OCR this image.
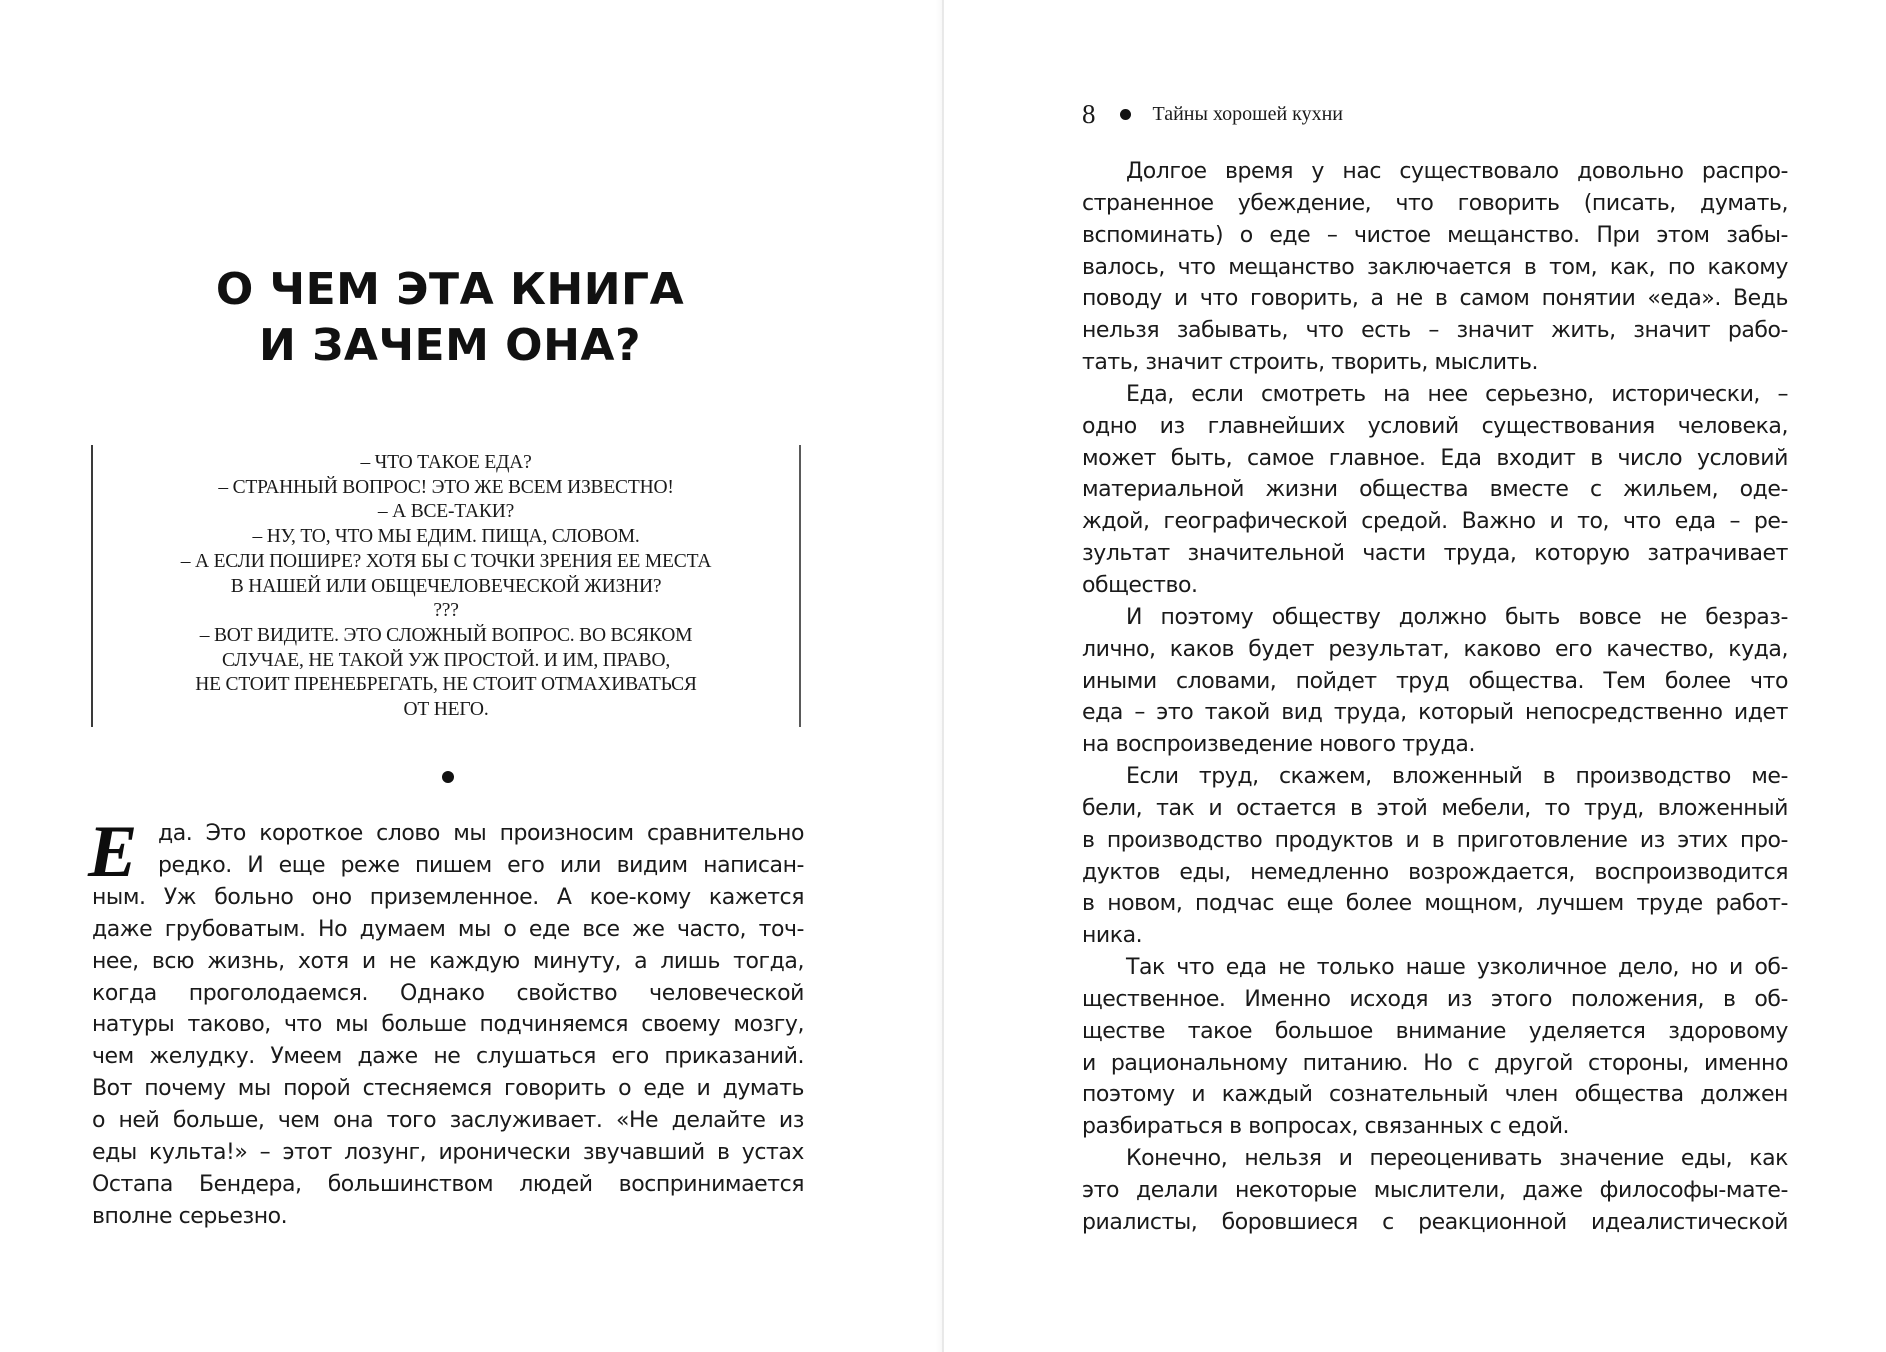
О ЧЕМ ЭТА КНИГА
И ЗАЧЕМ ОНА?
– ЧТО ТАКОЕ ЕДА?
– СТРАННЫЙ ВОПРОС! ЭТО ЖЕ ВСЕМ ИЗВЕСТНО!
– А ВСЕ-ТАКИ?
– НУ, ТО, ЧТО МЫ ЕДИМ. ПИЩА, СЛОВОМ.
– А ЕСЛИ ПОШИРЕ? ХОТЯ БЫ С ТОЧКИ ЗРЕНИЯ ЕЕ МЕСТА
В НАШЕЙ ИЛИ ОБЩЕЧЕЛОВЕЧЕСКОЙ ЖИЗНИ?
???
– ВОТ ВИДИТЕ. ЭТО СЛОЖНЫЙ ВОПРОС. ВО ВСЯКОМ
СЛУЧАЕ, НЕ ТАКОЙ УЖ ПРОСТОЙ. И ИМ, ПРАВО,
НЕ СТОИТ ПРЕНЕБРЕГАТЬ, НЕ СТОИТ ОТМАХИВАТЬСЯ
ОТ НЕГО.
Е да. Это короткое слово мы произносим сравнительно
редко. И еще реже пишем его или видим написан-
ным. Уж больно оно приземленное. А кое-кому кажется
даже грубоватым. Но думаем мы о еде все же часто, точ-
нее, всю жизнь, хотя и не каждую минуту, а лишь тогда,
когда проголодаемся. Однако свойство человеческой
натуры таково, что мы больше подчиняемся своему мозгу,
чем желудку. Умеем даже не слушаться его приказаний.
Вот почему мы порой стесняемся говорить о еде и думать
о ней больше, чем она того заслуживает. «Не делайте из
еды культа!» – этот лозунг, иронически звучавший в устах
Остапа Бендера, большинством людей воспринимается
вполне серьезно.
8	Тайны хорошей кухни
Долгое время у нас существовало довольно распро-
страненное убеждение, что говорить (писать, думать,
вспоминать) о еде – чистое мещанство. При этом забы-
валось, что мещанство заключается в том, как, по какому
поводу и что говорить, а не в самом понятии «еда». Ведь
нельзя забывать, что есть – значит жить, значит рабо-
тать, значит строить, творить, мыслить.
Еда, если смотреть на нее серьезно, исторически, –
одно из главнейших условий существования человека,
может быть, самое главное. Еда входит в число условий
материальной жизни общества вместе с жильем, оде-
ждой, географической средой. Важно и то, что еда – ре-
зультат значительной части труда, которую затрачивает
общество.
И поэтому обществу должно быть вовсе не безраз-
лично, каков будет результат, каково его качество, куда,
иными словами, пойдет труд общества. Тем более что
еда – это такой вид труда, который непосредственно идет
на воспроизведение нового труда.
Если труд, скажем, вложенный в производство ме-
бели, так и остается в этой мебели, то труд, вложенный
в производство продуктов и в приготовление из этих про-
дуктов еды, немедленно возрождается, воспроизводится
в новом, подчас еще более мощном, лучшем труде работ-
ника.
Так что еда не только наше узколичное дело, но и об-
щественное. Именно исходя из этого положения, в об-
ществе такое большое внимание уделяется здоровому
и рациональному питанию. Но с другой стороны, именно
поэтому и каждый сознательный член общества должен
разбираться в вопросах, связанных с едой.
Конечно, нельзя и переоценивать значение еды, как
это делали некоторые мыслители, даже философы-мате-
риалисты, боровшиеся с реакционной идеалистической
